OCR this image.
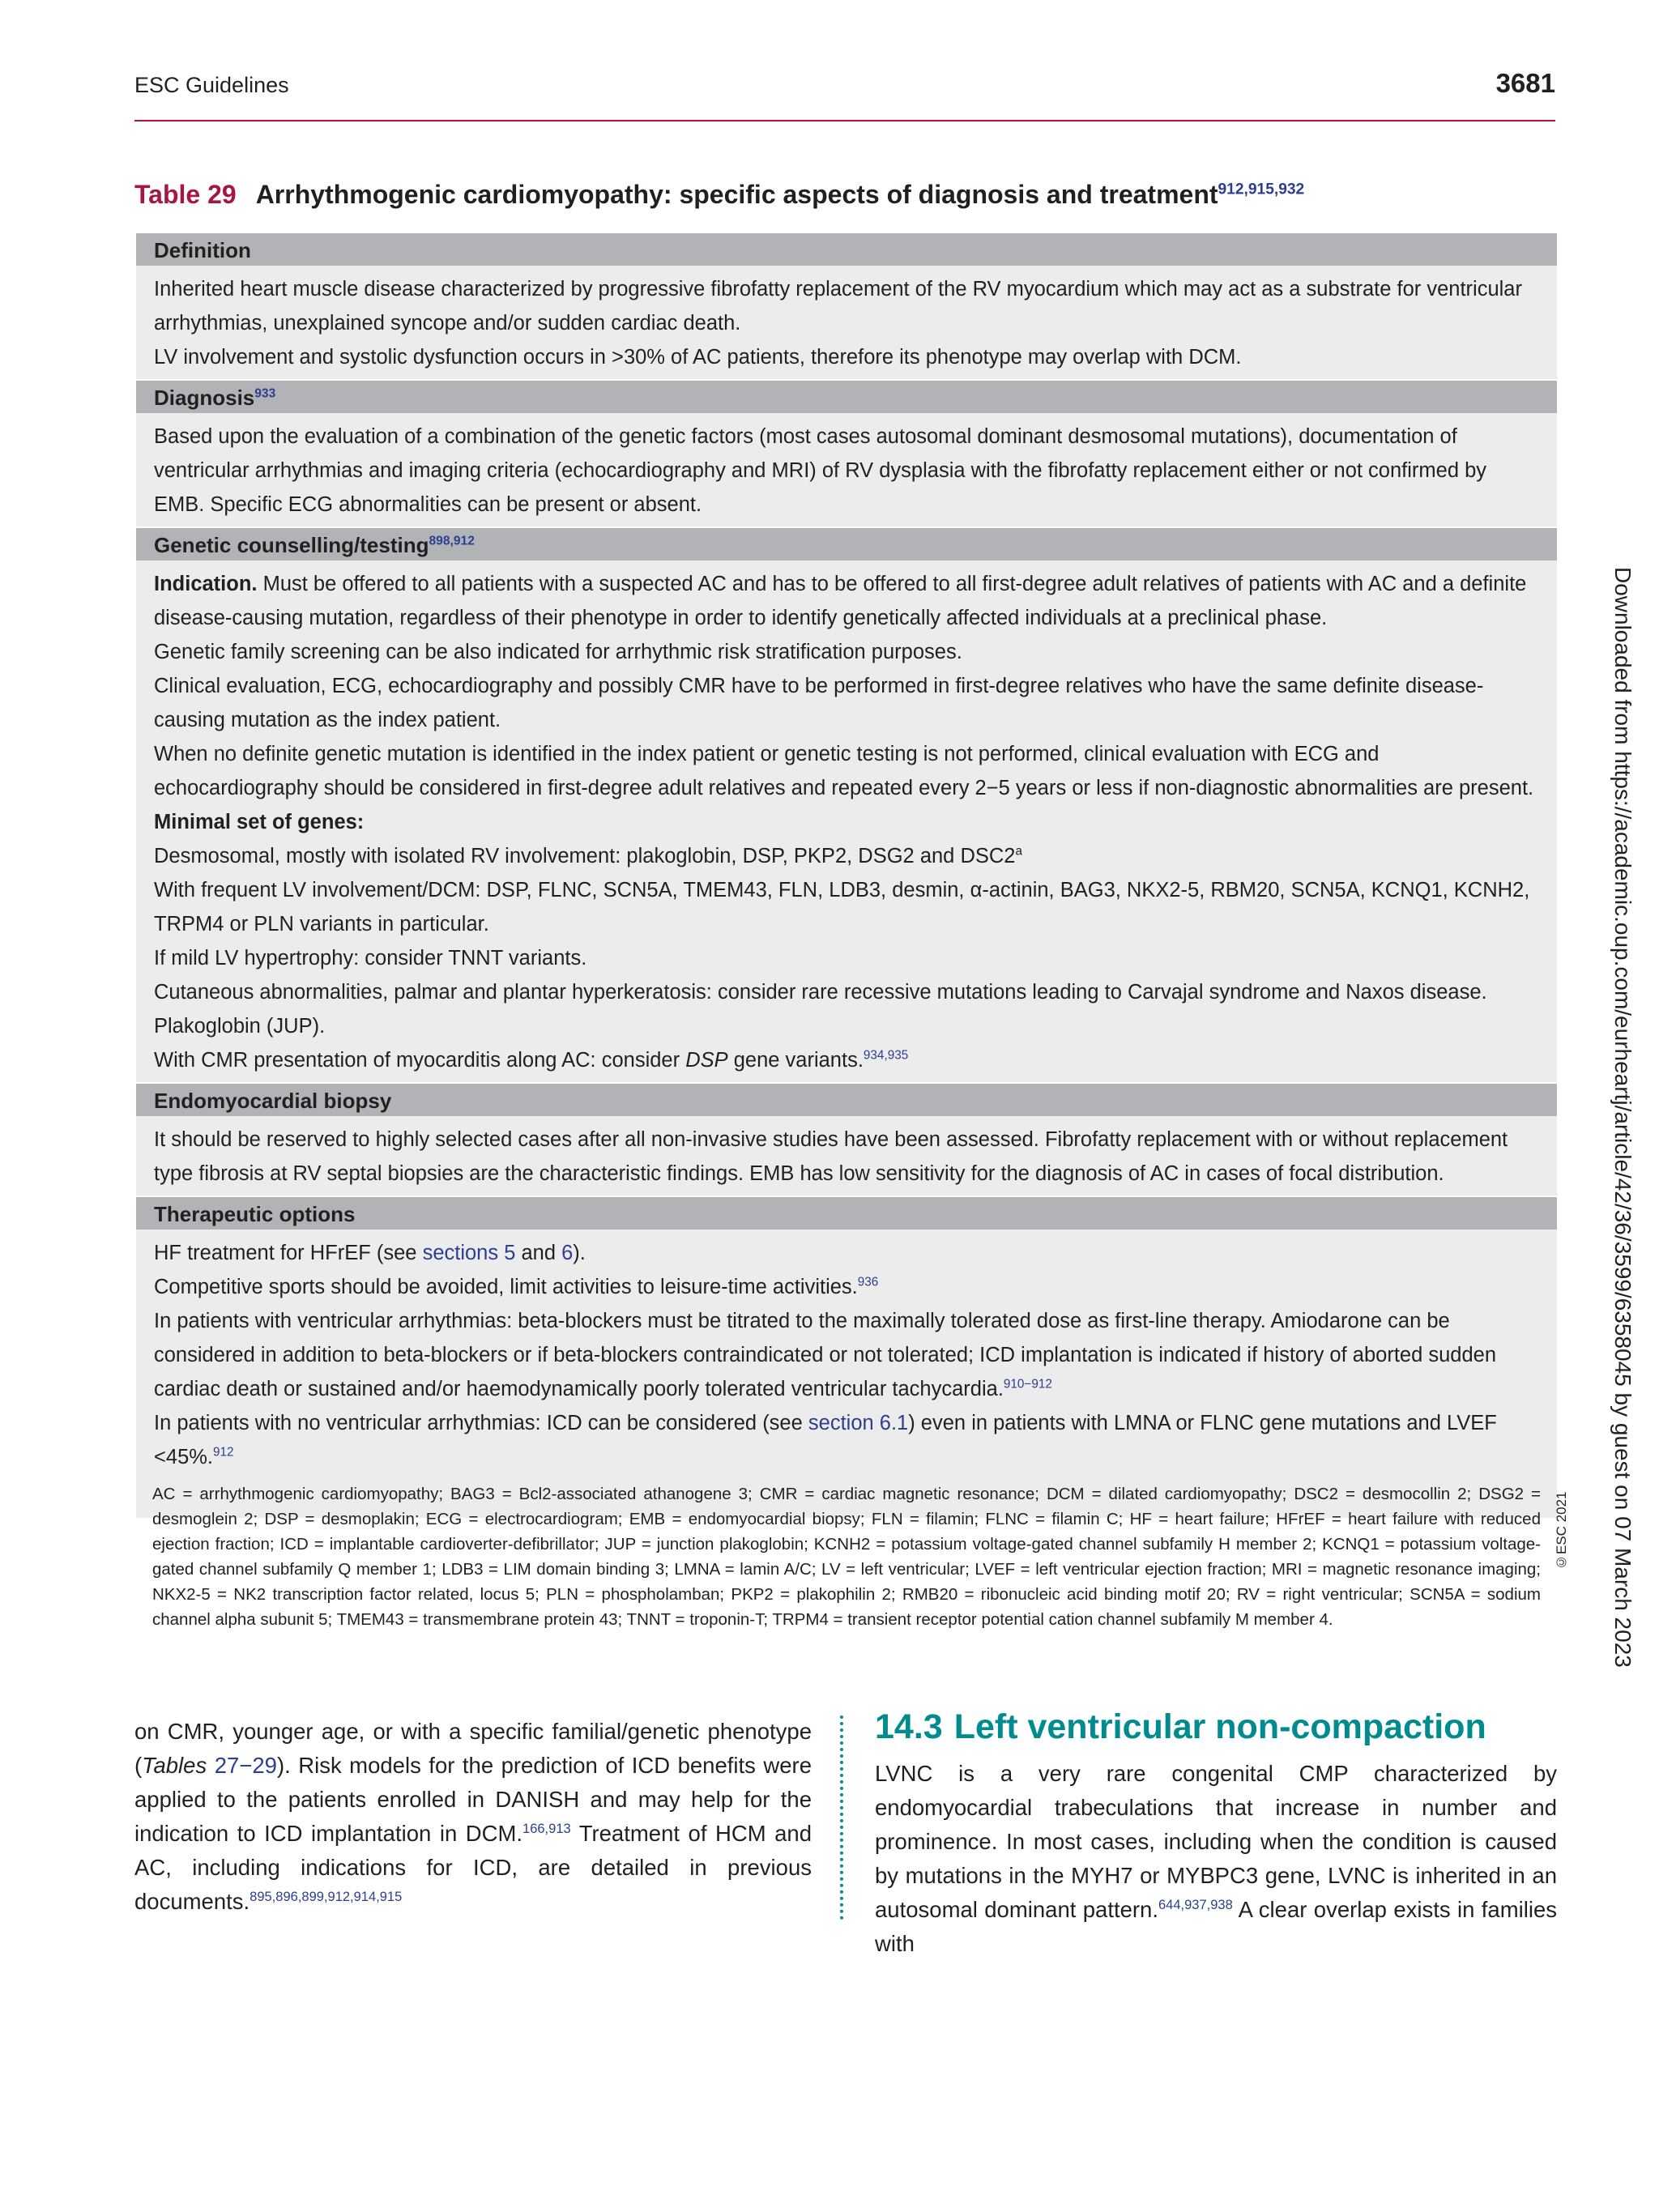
ESC Guidelines	3681
Table 29 Arrhythmogenic cardiomyopathy: specific aspects of diagnosis and treatment$^{912,915,932}$
Definition

Inherited heart muscle disease characterized by progressive fibrofatty replacement of the RV myocardium which may act as a substrate for ventricular arrhythmias, unexplained syncope and/or sudden cardiac death.

LV involvement and systolic dysfunction occurs in >30% of AC patients, therefore its phenotype may overlap with DCM.

Diagnosis$^{933}$

Based upon the evaluation of a combination of the genetic factors (most cases autosomal dominant desmosomal mutations), documentation of ventricular arrhythmias and imaging criteria (echocardiography and MRI) of RV dysplasia with the fibrofatty replacement either or not confirmed by EMB. Specific ECG abnormalities can be present or absent.

Genetic counselling/testing$^{898,912}$

Indication. Must be offered to all patients with a suspected AC and has to be offered to all first-degree adult relatives of patients with AC and a definite disease-causing mutation, regardless of their phenotype in order to identify genetically affected individuals at a preclinical phase.

Genetic family screening can be also indicated for arrhythmic risk stratification purposes.

Clinical evaluation, ECG, echocardiography and possibly CMR have to be performed in first-degree relatives who have the same definite disease-causing mutation as the index patient.

When no definite genetic mutation is identified in the index patient or genetic testing is not performed, clinical evaluation with ECG and echocardiography should be considered in first-degree adult relatives and repeated every 2−5 years or less if non-diagnostic abnormalities are present.

Minimal set of genes:

Desmosomal, mostly with isolated RV involvement: plakoglobin, DSP, PKP2, DSG2 and DSC2$^a$

With frequent LV involvement/DCM: DSP, FLNC, SCN5A, TMEM43, FLN, LDB3, desmin, α-actinin, BAG3, NKX2-5, RBM20, SCN5A, KCNQ1, KCNH2, TRPM4 or PLN variants in particular.

If mild LV hypertrophy: consider TNNT variants.

Cutaneous abnormalities, palmar and plantar hyperkeratosis: consider rare recessive mutations leading to Carvajal syndrome and Naxos disease. Plakoglobin (JUP).

With CMR presentation of myocarditis along AC: consider DSP gene variants.$^{934,935}$

Endomyocardial biopsy

It should be reserved to highly selected cases after all non-invasive studies have been assessed. Fibrofatty replacement with or without replacement type fibrosis at RV septal biopsies are the characteristic findings. EMB has low sensitivity for the diagnosis of AC in cases of focal distribution.

Therapeutic options

HF treatment for HFrEF (see sections 5 and 6).

Competitive sports should be avoided, limit activities to leisure-time activities.$^{936}$

In patients with ventricular arrhythmias: beta-blockers must be titrated to the maximally tolerated dose as first-line therapy. Amiodarone can be considered in addition to beta-blockers or if beta-blockers contraindicated or not tolerated; ICD implantation is indicated if history of aborted sudden cardiac death or sustained and/or haemodynamically poorly tolerated ventricular tachycardia.$^{910-912}$

In patients with no ventricular arrhythmias: ICD can be considered (see section 6.1) even in patients with LMNA or FLNC gene mutations and LVEF <45%.$^{912}$

©ESC 2021	Downloaded from https://academic.oup.com/eurheartj/article/42/36/3599/6358045 by guest on 07 March 2023
AC = arrhythmogenic cardiomyopathy; BAG3 = Bcl2-associated athanogene 3; CMR = cardiac magnetic resonance; DCM = dilated cardiomyopathy; DSC2 = desmocollin 2; DSG2 = desmoglein 2; DSP = desmoplakin; ECG = electrocardiogram; EMB = endomyocardial biopsy; FLN = filamin; FLNC = filamin C; HF = heart failure; HFrEF = heart failure with reduced ejection fraction; ICD = implantable cardioverter-defibrillator; JUP = junction plakoglobin; KCNH2 = potassium voltage-gated channel subfamily H member 2; KCNQ1 = potassium voltage-gated channel subfamily Q member 1; LDB3 = LIM domain binding 3; LMNA = lamin A/C; LV = left ventricular; LVEF = left ventricular ejection fraction; MRI = magnetic resonance imaging; NKX2-5 = NK2 transcription factor related, locus 5; PLN = phospholamban; PKP2 = plakophilin 2; RMB20 = ribonucleic acid binding motif 20; RV = right ventricular; SCN5A = sodium channel alpha subunit 5; TMEM43 = transmembrane protein 43; TNNT = troponin-T; TRPM4 = transient receptor potential cation channel subfamily M member 4.

on CMR, younger age, or with a specific familial/genetic phenotype (Tables 27−29). Risk models for the prediction of ICD benefits were applied to the patients enrolled in DANISH and may help for the indication to ICD implantation in DCM.$^{166,913}$ Treatment of HCM and AC, including indications for ICD, are detailed in previous documents.$^{895,896,899,912,914,915}$

14.3 Left ventricular non-compaction

LVNC is a very rare congenital CMP characterized by endomyocardial trabeculations that increase in number and prominence. In most cases, including when the condition is caused by mutations in the MYH7 or MYBPC3 gene, LVNC is inherited in an autosomal dominant pattern.$^{644,937,938}$ A clear overlap exists in families with
